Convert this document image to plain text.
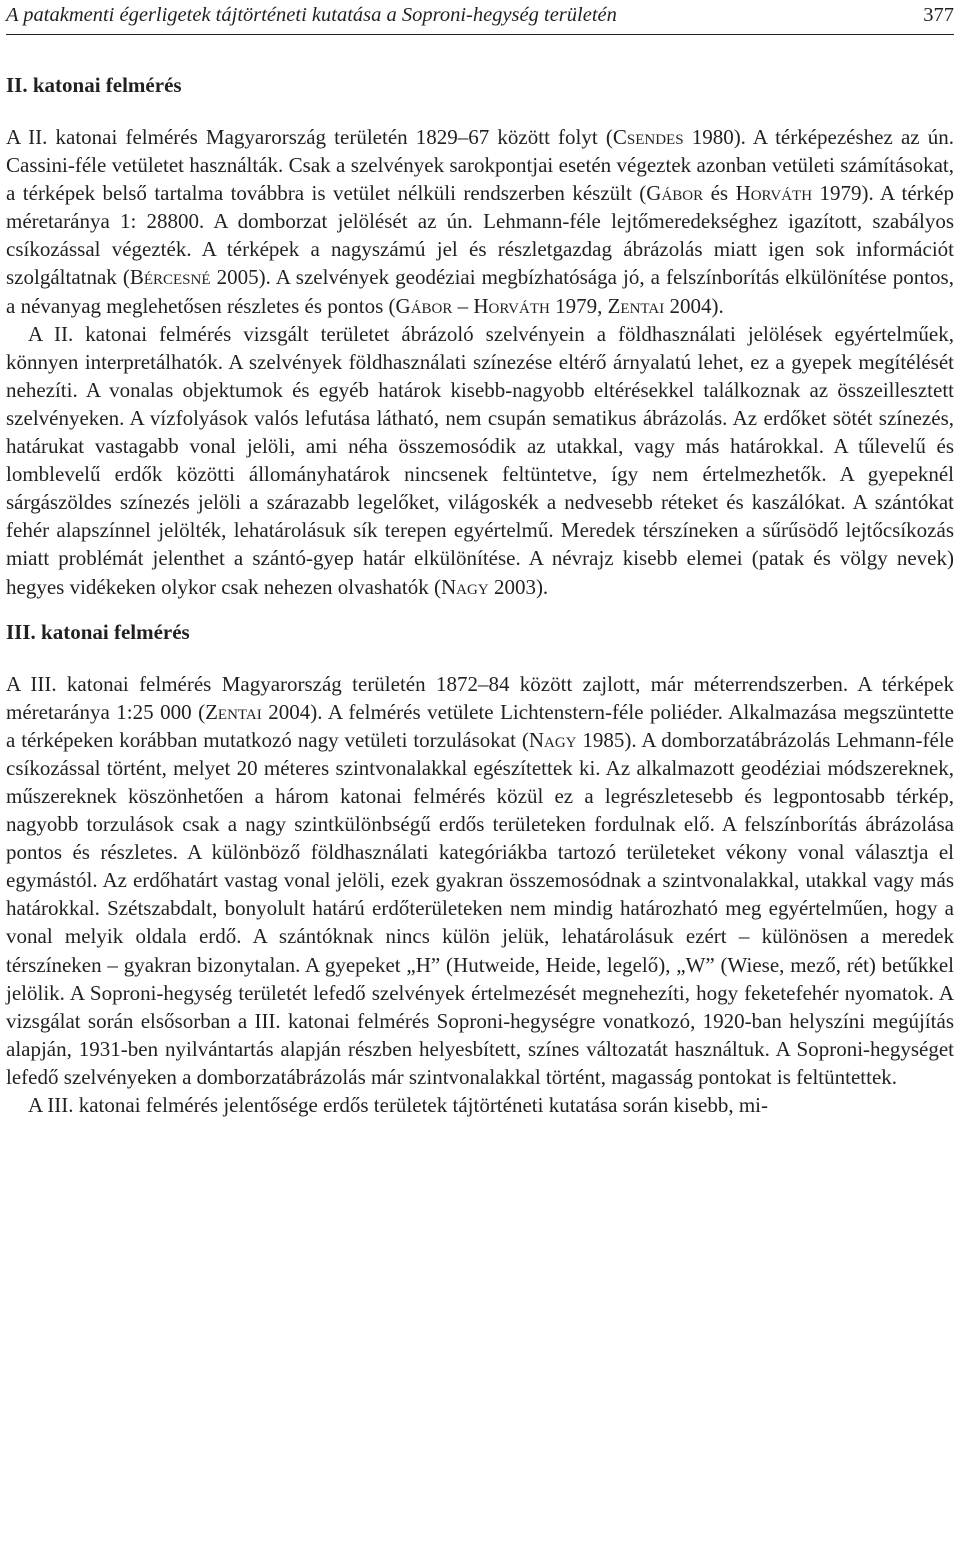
A patakmenti égerligetek tájtörténeti kutatása a Soproni-hegység területén	377
II. katonai felmérés

A II. katonai felmérés Magyarország területén 1829–67 között folyt (Csendes 1980). A térképezéshez az ún. Cassini-féle vetületet használták. Csak a szelvények sarokpontjai esetén végeztek azonban vetületi számításokat, a térképek belső tartalma továbbra is vetület nélküli rendszerben készült (Gábor és Horváth 1979). A térkép méretaránya 1: 28800. A domborzat jelölését az ún. Lehmann-féle lejtőmeredekséghez igazított, szabályos csíkozással végezték. A térképek a nagyszámú jel és részletgazdag ábrázolás miatt igen sok információt szolgáltatnak (Bércesné 2005). A szelvények geodéziai megbízhatósága jó, a felszínborítás elkülönítése pontos, a névanyag meglehetősen részletes és pontos (Gábor – Horváth 1979, Zentai 2004).

A II. katonai felmérés vizsgált területet ábrázoló szelvényein a földhasználati jelölések egyértelműek, könnyen interpretálhatók. A szelvények földhasználati színezése eltérő árnyalatú lehet, ez a gyepek megítélését nehezíti. A vonalas objektumok és egyéb határok kisebb-nagyobb eltérésekkel találkoznak az összeillesztett szelvényeken. A vízfolyások valós lefutása látható, nem csupán sematikus ábrázolás. Az erdőket sötét színezés, határukat vastagabb vonal jelöli, ami néha összemosódik az utakkal, vagy más határokkal. A tűlevelű és lomblevelű erdők közötti állományhatárok nincsenek feltüntetve, így nem értelmezhetők. A gyepeknél sárgászöldes színezés jelöli a szárazabb legelőket, világoskék a nedvesebb réteket és kaszálókat. A szántókat fehér alapszínnel jelölték, lehatárolásuk sík terepen egyértelmű. Meredek térszíneken a sűrűsödő lejtőcsíkozás miatt problémát jelenthet a szántó-gyep határ elkülönítése. A névrajz kisebb elemei (patak és völgy nevek) hegyes vidékeken olykor csak nehezen olvashatók (Nagy 2003).

III. katonai felmérés

A III. katonai felmérés Magyarország területén 1872–84 között zajlott, már méterrendszerben. A térképek méretaránya 1:25 000 (Zentai 2004). A felmérés vetülete Lichtenstern-féle poliéder. Alkalmazása megszüntette a térképeken korábban mutatkozó nagy vetületi torzulásokat (Nagy 1985). A domborzatábrázolás Lehmann-féle csíkozással történt, melyet 20 méteres szintvonalakkal egészítettek ki. Az alkalmazott geodéziai módszereknek, műszereknek köszönhetően a három katonai felmérés közül ez a legrészletesebb és legpontosabb térkép, nagyobb torzulások csak a nagy szintkülönbségű erdős területeken fordulnak elő. A felszínborítás ábrázolása pontos és részletes. A különböző földhasználati kategóriákba tartozó területeket vékony vonal választja el egymástól. Az erdőhatárt vastag vonal jelöli, ezek gyakran összemosódnak a szintvonalakkal, utakkal vagy más határokkal. Szétszabdalt, bonyolult határú erdőterületeken nem mindig határozható meg egyértelműen, hogy a vonal melyik oldala erdő. A szántóknak nincs külön jelük, lehatárolásuk ezért – különösen a meredek térszíneken – gyakran bizonytalan. A gyepeket „H” (Hutweide, Heide, legelő), „W” (Wiese, mező, rét) betűkkel jelölik. A Soproni-hegység területét lefedő szelvények értelmezését megnehezíti, hogy feketefehér nyomatok. A vizsgálat során elsősorban a III. katonai felmérés Soproni-hegységre vonatkozó, 1920-ban helyszíni megújítás alapján, 1931-ben nyilvántartás alapján részben helyesbített, színes változatát használtuk. A Soproni-hegységet lefedő szelvényeken a domborzatábrázolás már szintvonalakkal történt, magasság pontokat is feltüntettek.

A III. katonai felmérés jelentősége erdős területek tájtörténeti kutatása során kisebb, mi-
